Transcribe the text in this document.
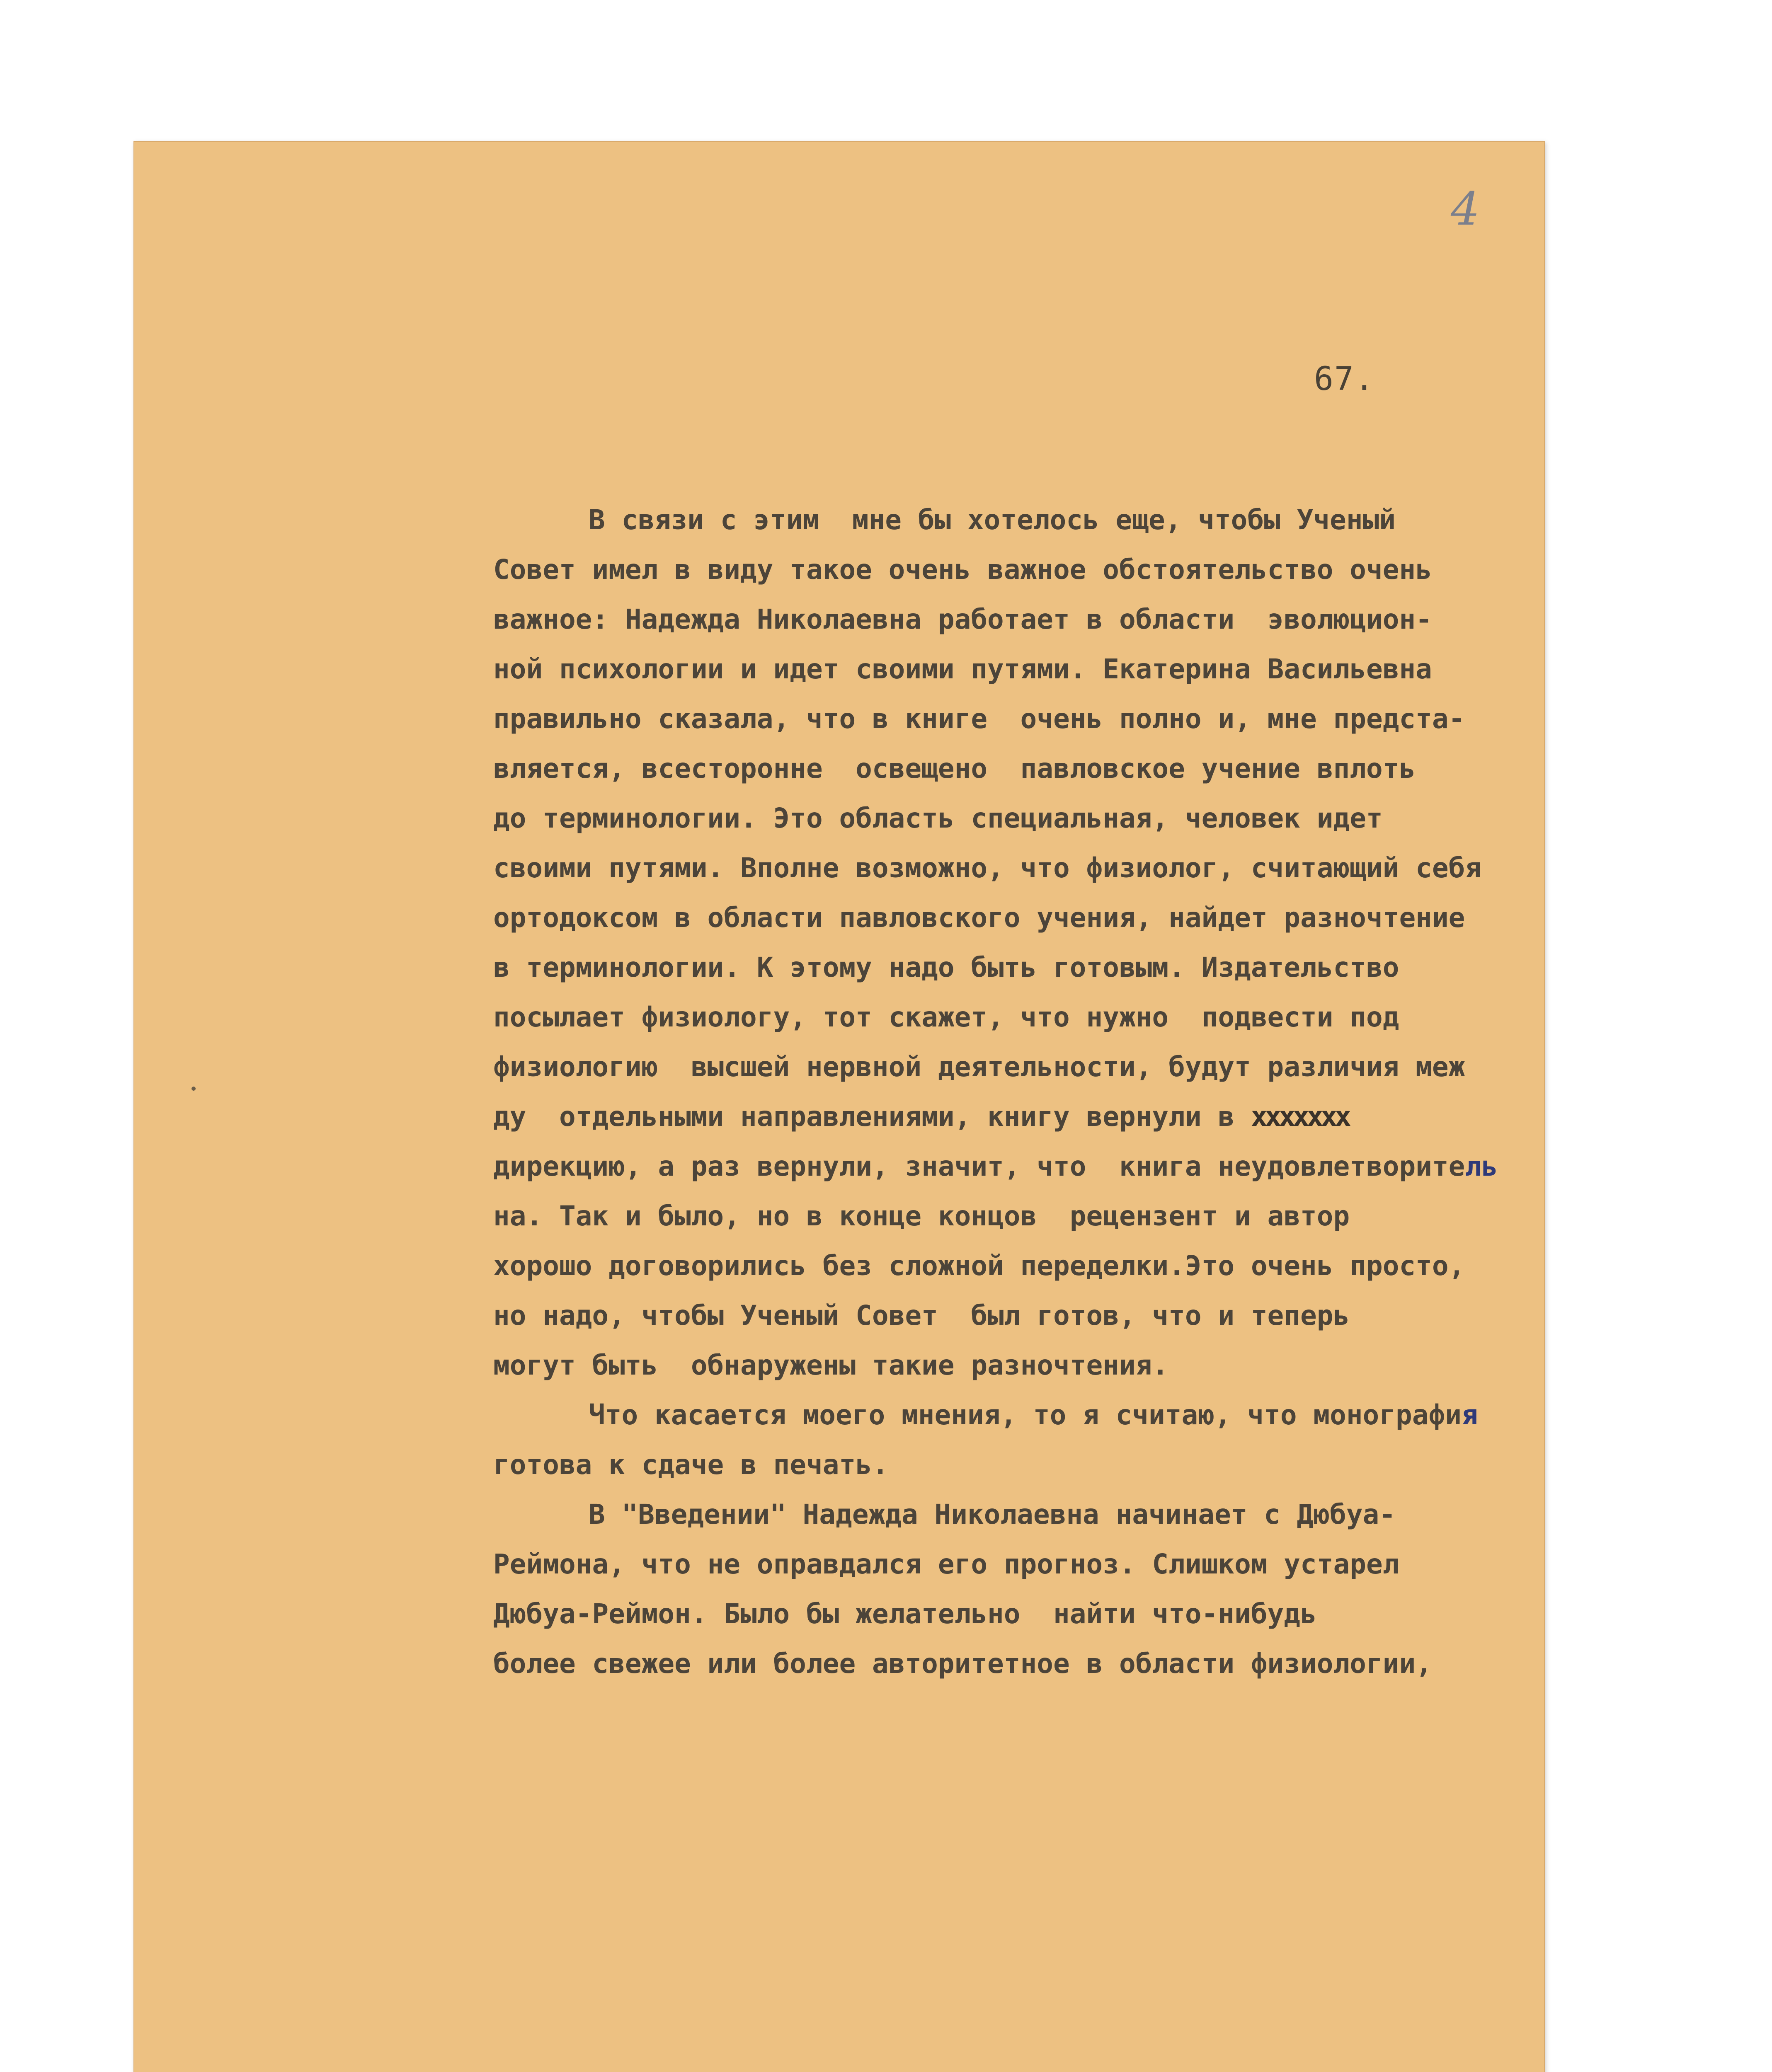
4
67.

В связи с этим  мне бы хотелось еще, чтобы Ученый

Совет имел в виду такое очень важное обстоятельство очень

важное: Надежда Николаевна работает в области  эволюцион-

ной психологии и идет своими путями. Екатерина Васильевна

правильно сказала, что в книге  очень полно и, мне предста-

вляется, всесторонне  освещено  павловское учение вплоть

до терминологии. Это область специальная, человек идет

своими путями. Вполне возможно, что физиолог, считающий себя

ортодоксом в области павловского учения, найдет разночтение

в терминологии. К этому надо быть готовым. Издательство

посылает физиологу, тот скажет, что нужно  подвести под

физиологию  высшей нервной деятельности, будут различия меж

ду  отдельными направлениями, книгу вернули в xxxxxxx

дирекцию, а раз вернули, значит, что  книга неудовлетворитель

на. Так и было, но в конце концов  рецензент и автор

хорошо договорились без сложной переделки.Это очень просто,

но надо, чтобы Ученый Совет  был готов, что и теперь

могут быть  обнаружены такие разночтения.

Что касается моего мнения, то я считаю, что монография

готова к сдаче в печать.

В "Введении" Надежда Николаевна начинает с Дюбуа-

Реймона, что не оправдался его прогноз. Слишком устарел

Дюбуа-Реймон. Было бы желательно  найти что-нибудь

более свежее или более авторитетное в области физиологии,
